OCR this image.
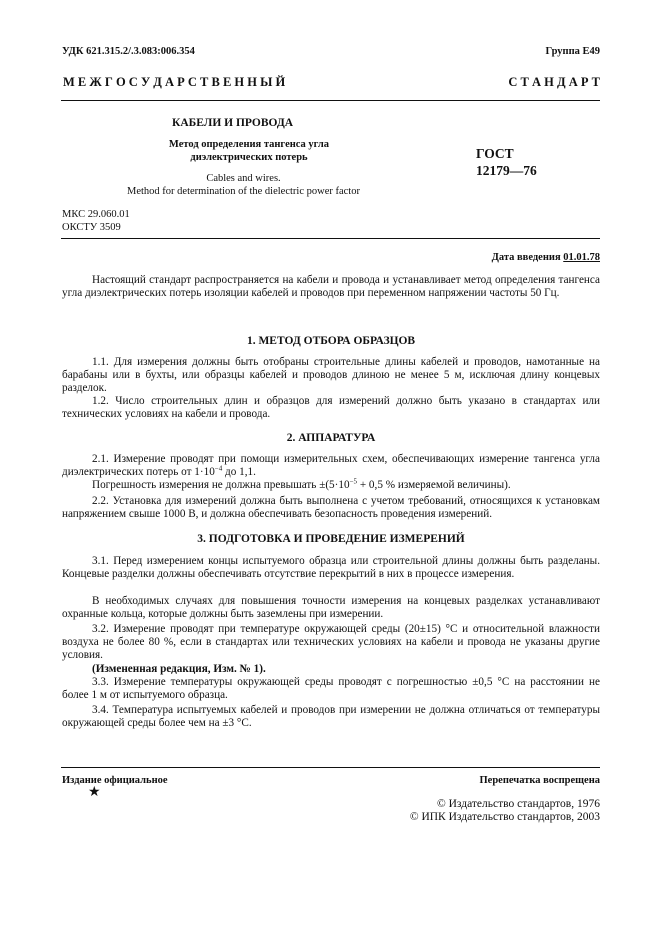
УДК 621.315.2/.3.083:006.354	Группа Е49
М Е Ж Г О С У Д А Р С Т В Е Н Н Ы Й	С Т А Н Д А Р Т
КАБЕЛИ И ПРОВОДА
Метод определения тангенса угла
диэлектрических потерь	ГОСТ
12179—76
Cables and wires.
Method for determination of the dielectric power factor
МКС 29.060.01
ОКСТУ 3509
Дата введения 01.01.78
Настоящий стандарт распространяется на кабели и провода и устанавливает метод определения тангенса угла диэлектрических потерь изоляции кабелей и проводов при переменном напряжении частоты 50 Гц.
1. МЕТОД ОТБОРА ОБРАЗЦОВ
1.1. Для измерения должны быть отобраны строительные длины кабелей и проводов, намотанные на барабаны или в бухты, или образцы кабелей и проводов длиною не менее 5 м, исключая длину концевых разделок.
1.2. Число строительных длин и образцов для измерений должно быть указано в стандартах или технических условиях на кабели и провода.
2. АППАРАТУРА
2.1. Измерение проводят при помощи измерительных схем, обеспечивающих измерение тангенса угла диэлектрических потерь от $1\cdot 10^{-4}$ до 1,1.
Погрешность измерения не должна превышать $\pm(5\cdot 10^{-5} + 0,5$ % измеряемой величины).
2.2. Установка для измерений должна быть выполнена с учетом требований, относящихся к установкам напряжением свыше 1000 В, и должна обеспечивать безопасность проведения измерений.
3. ПОДГОТОВКА И ПРОВЕДЕНИЕ ИЗМЕРЕНИЙ
3.1. Перед измерением концы испытуемого образца или строительной длины должны быть разделаны. Концевые разделки должны обеспечивать отсутствие перекрытий в них в процессе измерения.
В необходимых случаях для повышения точности измерения на концевых разделках устанавливают охранные кольца, которые должны быть заземлены при измерении.
3.2. Измерение проводят при температуре окружающей среды (20±15) °С и относительной влажности воздуха не более 80 %, если в стандартах или технических условиях на кабели и провода не указаны другие условия.
(Измененная редакция, Изм. № 1).
3.3. Измерение температуры окружающей среды проводят с погрешностью ±0,5 °С на расстоянии не более 1 м от испытуемого образца.
3.4. Температура испытуемых кабелей и проводов при измерении не должна отличаться от температуры окружающей среды более чем на ±3 °С.
Издание официальное
★
Перепечатка воспрещена
© Издательство стандартов, 1976
© ИПК Издательство стандартов, 2003
